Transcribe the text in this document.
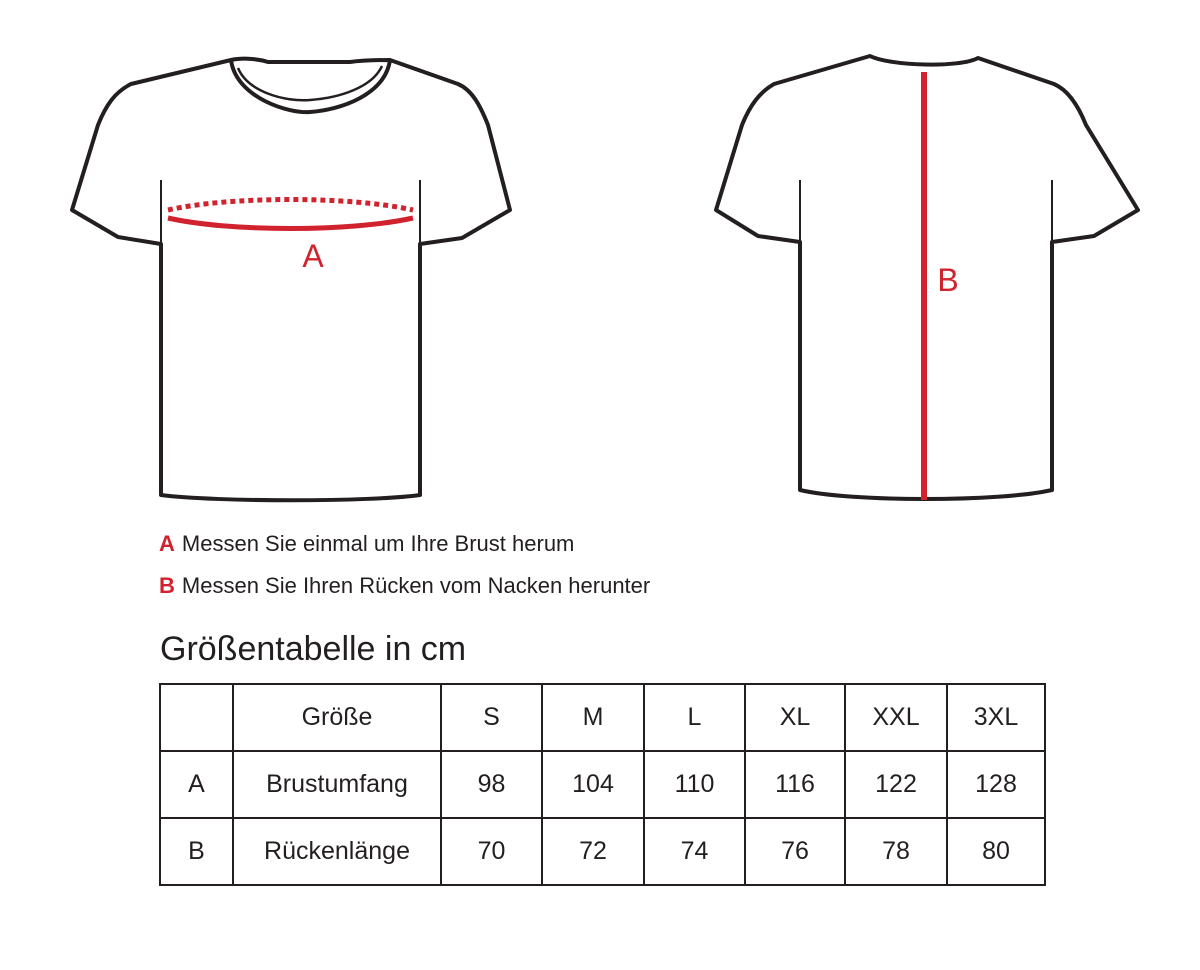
A
B
A Messen Sie einmal um Ihre Brust herum
B Messen Sie Ihren Rücken vom Nacken herunter
Größentabelle in cm
	Größe	S	M	L	XL	XXL	3XL
A	Brustumfang	98	104	110	116	122	128
B	Rückenlänge	70	72	74	76	78	80
